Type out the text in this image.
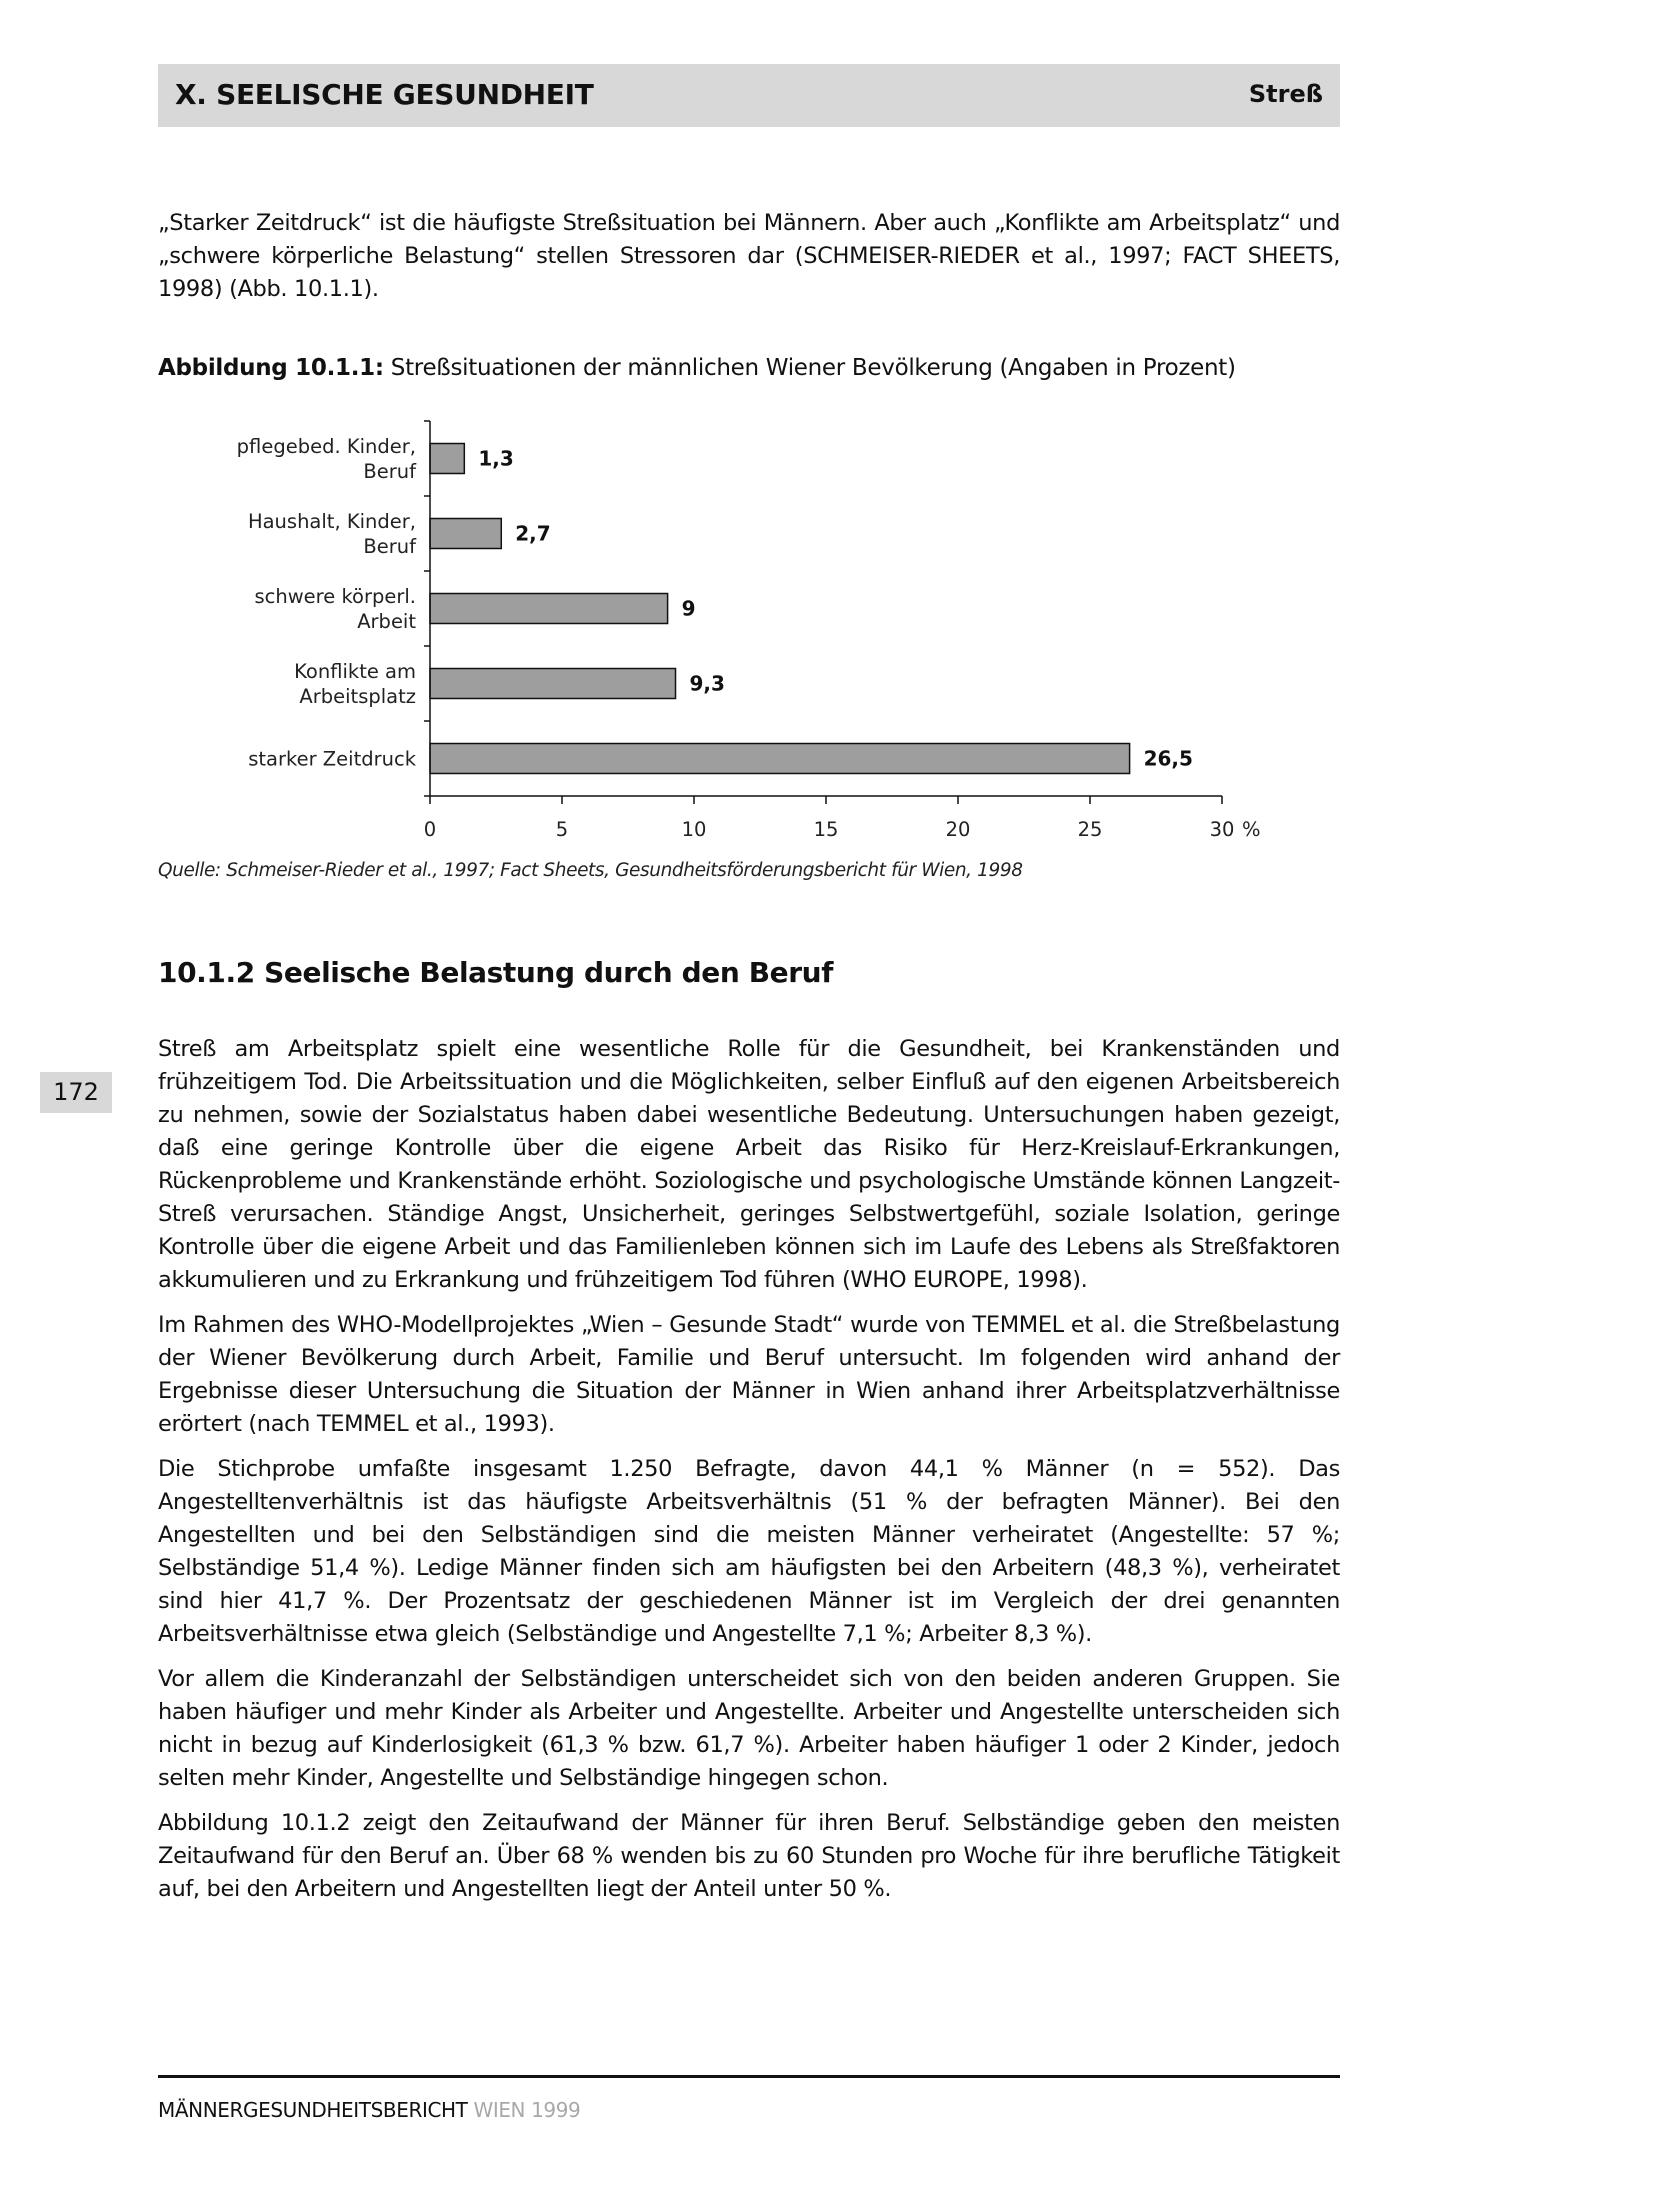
X. SEELISCHE GESUNDHEIT	Streß

„Starker Zeitdruck“ ist die häufigste Streßsituation bei Männern. Aber auch „Konflikte am Arbeitsplatz“ und „schwere körperliche Belastung“ stellen Stressoren dar (SCHMEISER-RIEDER et al., 1997; FACT SHEETS, 1998) (Abb. 10.1.1).

Abbildung 10.1.1: Streßsituationen der männlichen Wiener Bevölkerung (Angaben in Prozent)
1,3
2,7
9
9,3
26,5
pflegebed. Kinder,
Beruf
Haushalt, Kinder,
Beruf
schwere körperl.
Arbeit
Konflikte am
Arbeitsplatz
starker Zeitdruck
0	5	10	15	20	25	30 %
Quelle: Schmeiser-Rieder et al., 1997; Fact Sheets, Gesundheitsförderungsbericht für Wien, 1998
10.1.2 Seelische Belastung durch den Beruf

Streß am Arbeitsplatz spielt eine wesentliche Rolle für die Gesundheit, bei Krankenständen und frühzeitigem Tod. Die Arbeitssituation und die Möglichkeiten, selber Einfluß auf den eigenen Arbeitsbereich zu nehmen, sowie der Sozialstatus haben dabei wesentliche Bedeutung. Untersuchungen haben gezeigt, daß eine geringe Kontrolle über die eigene Arbeit das Risiko für Herz-Kreislauf-Erkrankungen, Rückenprobleme und Krankenstände erhöht. Soziologische und psychologische Umstände können Langzeit-Streß verursachen. Ständige Angst, Unsicherheit, geringes Selbstwertgefühl, soziale Isolation, geringe Kontrolle über die eigene Arbeit und das Familienleben können sich im Laufe des Lebens als Streßfaktoren akkumulieren und zu Erkrankung und frühzeitigem Tod führen (WHO EUROPE, 1998).

Im Rahmen des WHO-Modellprojektes „Wien – Gesunde Stadt“ wurde von TEMMEL et al. die Streßbelastung der Wiener Bevölkerung durch Arbeit, Familie und Beruf untersucht. Im folgenden wird anhand der Ergebnisse dieser Untersuchung die Situation der Männer in Wien anhand ihrer Arbeitsplatzverhältnisse erörtert (nach TEMMEL et al., 1993).

Die Stichprobe umfaßte insgesamt 1.250 Befragte, davon 44,1 % Männer (n = 552). Das Angestelltenverhältnis ist das häufigste Arbeitsverhältnis (51 % der befragten Männer). Bei den Angestellten und bei den Selbständigen sind die meisten Männer verheiratet (Angestellte: 57 %; Selbständige 51,4 %). Ledige Männer finden sich am häufigsten bei den Arbeitern (48,3 %), verheiratet sind hier 41,7 %. Der Prozentsatz der geschiedenen Männer ist im Vergleich der drei genannten Arbeitsverhältnisse etwa gleich (Selbständige und Angestellte 7,1 %; Arbeiter 8,3 %).

Vor allem die Kinderanzahl der Selbständigen unterscheidet sich von den beiden anderen Gruppen. Sie haben häufiger und mehr Kinder als Arbeiter und Angestellte. Arbeiter und Angestellte unterscheiden sich nicht in bezug auf Kinderlosigkeit (61,3 % bzw. 61,7 %). Arbeiter haben häufiger 1 oder 2 Kinder, jedoch selten mehr Kinder, Angestellte und Selbständige hingegen schon.

Abbildung 10.1.2 zeigt den Zeitaufwand der Männer für ihren Beruf. Selbständige geben den meisten Zeitaufwand für den Beruf an. Über 68 % wenden bis zu 60 Stunden pro Woche für ihre berufliche Tätigkeit auf, bei den Arbeitern und Angestellten liegt der Anteil unter 50 %.

172
MÄNNERGESUNDHEITSBERICHT WIEN 1999
